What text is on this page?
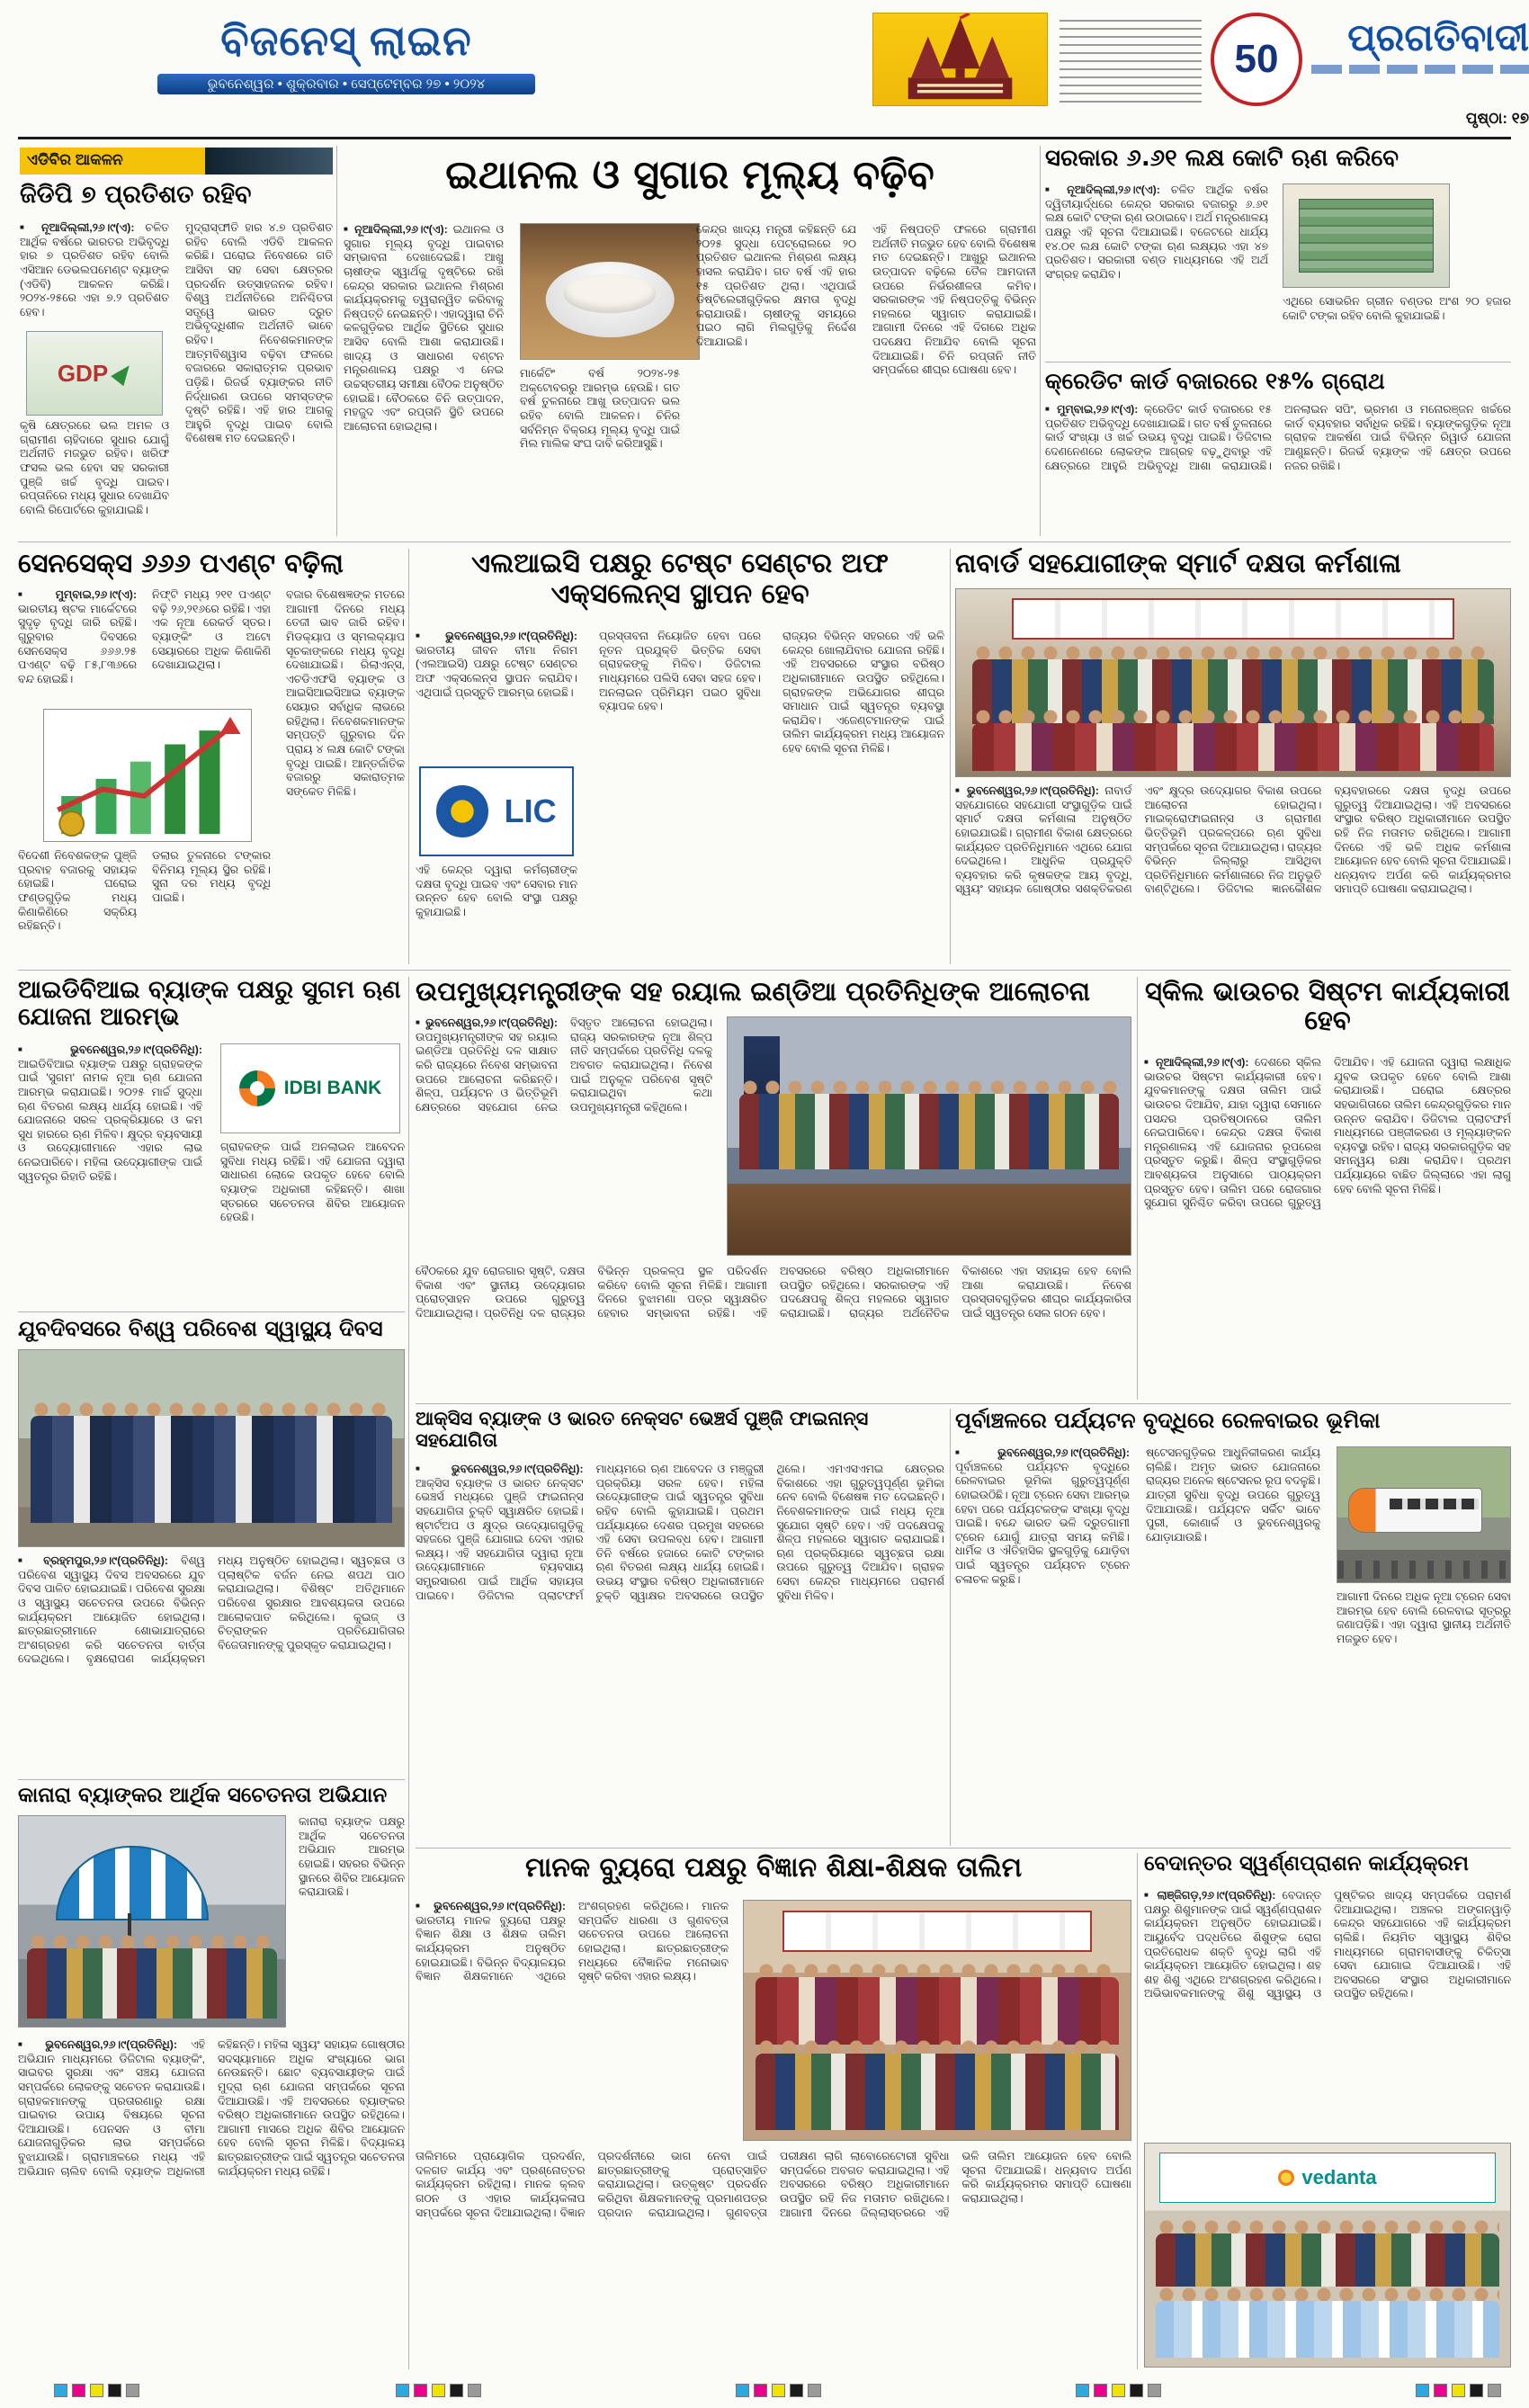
ବିଜନେସ୍ ଲାଇନ
ଭୁବନେଶ୍ୱର • ଶୁକ୍ରବାର • ସେପ୍ଟେମ୍ବର ୨୭ • ୨୦୨୪
50	ପ୍ରଗତିବାଦୀ
ପୃଷ୍ଠା: ୧୭
ଏଡିବିର ଆକଳନ
ଜିଡିପି ୭ ପ୍ରତିଶତ ରହିବ
■ ନୂଆଦିଲ୍ଲୀ,୨୬।୯(ଏ): ଚଳିତ ଆର୍ଥିକ ବର୍ଷରେ ଭାରତର ଅଭିବୃଦ୍ଧି ହାର ୭ ପ୍ରତିଶତ ରହିବ ବୋଲି ଏସିଆନ ଡେଭଲପମେଣ୍ଟ ବ୍ୟାଙ୍କ (ଏଡିବି) ଆକଳନ କରିଛି। ୨୦୨୪-୨୫ରେ ଏହା ୭.୨ ପ୍ରତିଶତ ହେବ।
GDP
କୃଷି କ୍ଷେତ୍ରରେ ଭଲ ଅମଳ ଓ ଗ୍ରାମୀଣ ଚାହିଦାରେ ସୁଧାର ଯୋଗୁଁ ଅର୍ଥନୀତି ମଜଭୁତ ରହିବ। ଖରିଫ ଫସଲ ଭଲ ହେବା ସହ ସରକାରୀ ପୁଞ୍ଜି ଖର୍ଚ୍ଚ ବୃଦ୍ଧି ପାଇବ। ରପ୍ତାନିରେ ମଧ୍ୟ ସୁଧାର ଦେଖାଯିବ ବୋଲି ରିପୋର୍ଟରେ କୁହାଯାଇଛି।
ମୁଦ୍ରାସ୍ଫୀତି ହାର ୪.୭ ପ୍ରତିଶତ ରହିବ ବୋଲି ଏଡିବି ଆକଳନ କରିଛି। ଘରୋଇ ନିବେଶରେ ଗତି ଆସିବା ସହ ସେବା କ୍ଷେତ୍ରର ପ୍ରଦର୍ଶନ ଉତ୍ସାହଜନକ ରହିବ। ବିଶ୍ୱ ଅର୍ଥନୀତିରେ ଅନିଶ୍ଚିତତା ସତ୍ତ୍ୱେ ଭାରତ ଦ୍ରୁତ ଅଭିବୃଦ୍ଧିଶୀଳ ଅର୍ଥନୀତି ଭାବେ ରହିବ। ନିବେଶକମାନଙ୍କ ଆତ୍ମବିଶ୍ୱାସ ବଢ଼ିବା ଫଳରେ ବଜାରରେ ସକାରାତ୍ମକ ପ୍ରଭାବ ପଡ଼ିଛି। ରିଜର୍ଭ ବ୍ୟାଙ୍କର ନୀତି ନିର୍ଦ୍ଧାରଣ ଉପରେ ସମସ୍ତଙ୍କ ଦୃଷ୍ଟି ରହିଛି। ଏହି ହାର ଆଗକୁ ଆହୁରି ବୃଦ୍ଧି ପାଇବ ବୋଲି ବିଶେଷଜ୍ଞ ମତ ଦେଇଛନ୍ତି।
ଇଥାନଲ ଓ ସୁଗାର ମୂଲ୍ୟ ବଢ଼ିବ
■ ନୂଆଦିଲ୍ଲୀ,୨୬।୯(ଏ): ଇଥାନଲ ଓ ସୁଗାର ମୂଲ୍ୟ ବୃଦ୍ଧି ପାଇବାର ସମ୍ଭାବନା ଦେଖାଦେଇଛି। ଆଖୁ ଚାଷୀଙ୍କ ସ୍ୱାର୍ଥକୁ ଦୃଷ୍ଟିରେ ରଖି କେନ୍ଦ୍ର ସରକାର ଇଥାନଲ ମିଶ୍ରଣ କାର୍ଯ୍ୟକ୍ରମକୁ ତ୍ୱରାନ୍ୱିତ କରିବାକୁ ନିଷ୍ପତ୍ତି ନେଇଛନ୍ତି। ଏହାଦ୍ୱାରା ଚିନି କଳଗୁଡ଼ିକର ଆର୍ଥିକ ସ୍ଥିତିରେ ସୁଧାର ଆସିବ ବୋଲି ଆଶା କରାଯାଉଛି। ଖାଦ୍ୟ ଓ ସାଧାରଣ ବଣ୍ଟନ ମନ୍ତ୍ରଣାଳୟ ପକ୍ଷରୁ ଏ ନେଇ ଉଚ୍ଚସ୍ତରୀୟ ସମୀକ୍ଷା ବୈଠକ ଅନୁଷ୍ଠିତ ହୋଇଛି। ବୈଠକରେ ଚିନି ଉତ୍ପାଦନ, ମହଜୁଦ ଏବଂ ରପ୍ତାନି ସ୍ଥିତି ଉପରେ ଆଲୋଚନା ହୋଇଥିଲା।
ମାର୍କେଟିଂ ବର୍ଷ ୨୦୨୪-୨୫ ଅକ୍ଟୋବରରୁ ଆରମ୍ଭ ହେଉଛି। ଗତ ବର୍ଷ ତୁଳନାରେ ଆଖୁ ଉତ୍ପାଦନ ଭଲ ରହିବ ବୋଲି ଆକଳନ। ଚିନିର ସର୍ବନିମ୍ନ ବିକ୍ରୟ ମୂଲ୍ୟ ବୃଦ୍ଧି ପାଇଁ ମିଲ ମାଲିକ ସଂଘ ଦାବି କରିଆସୁଛି।
କେନ୍ଦ୍ର ଖାଦ୍ୟ ମନ୍ତ୍ରୀ କହିଛନ୍ତି ଯେ ୨୦୨୫ ସୁଦ୍ଧା ପେଟ୍ରୋଲରେ ୨୦ ପ୍ରତିଶତ ଇଥାନଲ ମିଶ୍ରଣ ଲକ୍ଷ୍ୟ ହାସଲ କରାଯିବ। ଗତ ବର୍ଷ ଏହି ହାର ୧୫ ପ୍ରତିଶତ ଥିଲା। ଏଥିପାଇଁ ଡିଷ୍ଟିଲେରୀଗୁଡ଼ିକର କ୍ଷମତା ବୃଦ୍ଧି କରାଯାଉଛି। ଚାଷୀଙ୍କୁ ସମୟରେ ପଇଠ ଲାଗି ମିଲଗୁଡ଼ିକୁ ନିର୍ଦ୍ଦେଶ ଦିଆଯାଇଛି।
ଏହି ନିଷ୍ପତ୍ତି ଫଳରେ ଗ୍ରାମୀଣ ଅର୍ଥନୀତି ମଜଭୁତ ହେବ ବୋଲି ବିଶେଷଜ୍ଞ ମତ ଦେଇଛନ୍ତି। ଆଖୁରୁ ଇଥାନଲ ଉତ୍ପାଦନ ବଢ଼ିଲେ ତୈଳ ଆମଦାନୀ ଉପରେ ନିର୍ଭରଶୀଳତା କମିବ। ସରକାରଙ୍କ ଏହି ନିଷ୍ପତ୍ତିକୁ ବିଭିନ୍ନ ମହଲରେ ସ୍ୱାଗତ କରାଯାଇଛି। ଆଗାମୀ ଦିନରେ ଏହି ଦିଗରେ ଅଧିକ ପଦକ୍ଷେପ ନିଆଯିବ ବୋଲି ସୂଚନା ଦିଆଯାଇଛି। ଚିନି ରପ୍ତାନି ନୀତି ସମ୍ପର୍କରେ ଶୀଘ୍ର ଘୋଷଣା ହେବ।
ସରକାର ୬.୬୧ ଲକ୍ଷ କୋଟି ଋଣ କରିବେ
■ ନୂଆଦିଲ୍ଲୀ,୨୬।୯(ଏ): ଚଳିତ ଆର୍ଥିକ ବର୍ଷର ଦ୍ୱିତୀୟାର୍ଦ୍ଧରେ କେନ୍ଦ୍ର ସରକାର ବଜାରରୁ ୬.୬୧ ଲକ୍ଷ କୋଟି ଟଙ୍କା ଋଣ ଉଠାଇବେ। ଅର୍ଥ ମନ୍ତ୍ରଣାଳୟ ପକ୍ଷରୁ ଏହି ସୂଚନା ଦିଆଯାଇଛି। ବଜେଟରେ ଧାର୍ଯ୍ୟ ୧୪.୦୧ ଲକ୍ଷ କୋଟି ଟଙ୍କା ଋଣ ଲକ୍ଷ୍ୟର ଏହା ୪୭ ପ୍ରତିଶତ। ସରକାରୀ ବଣ୍ଡ ମାଧ୍ୟମରେ ଏହି ଅର୍ଥ ସଂଗ୍ରହ କରାଯିବ।
ଏଥିରେ ସୋଭରିନ ଗ୍ରୀନ ବଣ୍ଡର ଅଂଶ ୨୦ ହଜାର କୋଟି ଟଙ୍କା ରହିବ ବୋଲି କୁହାଯାଇଛି।
କ୍ରେଡିଟ କାର୍ଡ ବଜାରରେ ୧୫% ଗ୍ରୋଥ
■ ମୁମ୍ବାଇ,୨୬।୯(ଏ): କ୍ରେଡିଟ କାର୍ଡ ବଜାରରେ ୧୫ ପ୍ରତିଶତ ଅଭିବୃଦ୍ଧି ଦେଖାଯାଇଛି। ଗତ ବର୍ଷ ତୁଳନାରେ କାର୍ଡ ସଂଖ୍ୟା ଓ ଖର୍ଚ୍ଚ ଉଭୟ ବୃଦ୍ଧି ପାଇଛି। ଡିଜିଟାଲ ଦେଣନେଣରେ ଲୋକଙ୍କ ଆଗ୍ରହ ବଢ଼ୁଥିବାରୁ ଏହି କ୍ଷେତ୍ରରେ ଆହୁରି ଅଭିବୃଦ୍ଧି ଆଶା କରାଯାଉଛି। ଅନଲାଇନ ସପିଂ, ଭ୍ରମଣ ଓ ମନୋରଞ୍ଜନ ଖର୍ଚ୍ଚରେ କାର୍ଡ ବ୍ୟବହାର ସର୍ବାଧିକ ରହିଛି। ବ୍ୟାଙ୍କଗୁଡ଼ିକ ନୂଆ ଗ୍ରାହକ ଆକର୍ଷଣ ପାଇଁ ବିଭିନ୍ନ ରିୱାର୍ଡ ଯୋଜନା ଆଣୁଛନ୍ତି। ରିଜର୍ଭ ବ୍ୟାଙ୍କ ଏହି କ୍ଷେତ୍ର ଉପରେ ନଜର ରଖିଛି।
ସେନସେକ୍ସ ୬୬୬ ପଏଣ୍ଟ ବଢ଼ିଲା
■ ମୁମ୍ବାଇ,୨୬।୯(ଏ): ଭାରତୀୟ ଷ୍ଟକ ମାର୍କେଟରେ ସୁଦୃଢ଼ ବୃଦ୍ଧି ଜାରି ରହିଛି। ଗୁରୁବାର ଦିବସରେ ସେନସେକ୍ସ ୬୬୬.୨୫ ପଏଣ୍ଟ ବଢ଼ି ୮୫,୮୩୬ରେ ବନ୍ଦ ହୋଇଛି।
ନିଫ୍ଟି ମଧ୍ୟ ୨୧୧ ପଏଣ୍ଟ ବଢ଼ି ୨୬,୨୧୬ରେ ରହିଛି। ଏହା ଏକ ନୂଆ ରେକର୍ଡ ସ୍ତର। ବ୍ୟାଙ୍କିଂ ଓ ଅଟୋ ସେୟାରରେ ଅଧିକ କିଣାକିଣି ଦେଖାଯାଇଥିଲା।
ବିଦେଶୀ ନିବେଶକଙ୍କ ପୁଞ୍ଜି ପ୍ରବାହ ବଜାରକୁ ସହାୟକ ହୋଇଛି। ଘରୋଇ ଫଣ୍ଡଗୁଡ଼ିକ ମଧ୍ୟ କିଣାକିଣିରେ ସକ୍ରିୟ ରହିଛନ୍ତି।
ଡଲାର ତୁଳନାରେ ଟଙ୍କାର ବିନିମୟ ମୂଲ୍ୟ ସ୍ଥିର ରହିଛି। ସୁନା ଦର ମଧ୍ୟ ବୃଦ୍ଧି ପାଇଛି।
ବଜାର ବିଶେଷଜ୍ଞଙ୍କ ମତରେ ଆଗାମୀ ଦିନରେ ମଧ୍ୟ ତେଜୀ ଭାବ ଜାରି ରହିବ। ମିଡକ୍ୟାପ ଓ ସ୍ମଲକ୍ୟାପ ସୂଚକାଙ୍କରେ ମଧ୍ୟ ବୃଦ୍ଧି ଦେଖାଯାଇଛି। ରିଲାଏନ୍ସ, ଏଚଡିଏଫସି ବ୍ୟାଙ୍କ ଓ ଆଇସିଆଇସିଆଇ ବ୍ୟାଙ୍କ ସେୟାର ସର୍ବାଧିକ ଲାଭରେ ରହିଥିଲା। ନିବେଶକମାନଙ୍କ ସମ୍ପତ୍ତି ଗୁରୁବାର ଦିନ ପ୍ରାୟ ୪ ଲକ୍ଷ କୋଟି ଟଙ୍କା ବୃଦ୍ଧି ପାଇଛି। ଆନ୍ତର୍ଜାତିକ ବଜାରରୁ ସକାରାତ୍ମକ ସଙ୍କେତ ମିଳିଛି।
ଏଲଆଇସି ପକ୍ଷରୁ ଟେଷ୍ଟ ସେଣ୍ଟର ଅଫ ଏକ୍ସଲେନ୍ସ ସ୍ଥାପନ ହେବ
■ ଭୁବନେଶ୍ୱର,୨୬।୯(ପ୍ରତିନିଧି): ଭାରତୀୟ ଜୀବନ ବୀମା ନିଗମ (ଏଲଆଇସି) ପକ୍ଷରୁ ଟେଷ୍ଟ ସେଣ୍ଟର ଅଫ ଏକ୍ସଲେନ୍ସ ସ୍ଥାପନ କରାଯିବ। ଏଥିପାଇଁ ପ୍ରସ୍ତୁତି ଆରମ୍ଭ ହୋଇଛି।
LIC
ଏହି କେନ୍ଦ୍ର ଦ୍ୱାରା କର୍ମଚାରୀଙ୍କ ଦକ୍ଷତା ବୃଦ୍ଧି ପାଇବ ଏବଂ ସେବାର ମାନ ଉନ୍ନତ ହେବ ବୋଲି ସଂସ୍ଥା ପକ୍ଷରୁ କୁହାଯାଇଛି।
ପ୍ରସ୍ତାବନା ନିୟୋଜିତ ହେବା ପରେ ନୂତନ ପ୍ରଯୁକ୍ତି ଭିତ୍ତିକ ସେବା ଗ୍ରାହକଙ୍କୁ ମିଳିବ। ଡିଜିଟାଲ ମାଧ୍ୟମରେ ପଲିସି ସେବା ସହଜ ହେବ। ଅନଲାଇନ ପ୍ରିମିୟମ ପଇଠ ସୁବିଧା ବ୍ୟାପକ ହେବ।
ରାଜ୍ୟର ବିଭିନ୍ନ ସହରରେ ଏହି ଭଳି କେନ୍ଦ୍ର ଖୋଲାଯିବାର ଯୋଜନା ରହିଛି। ଏହି ଅବସରରେ ସଂସ୍ଥାର ବରିଷ୍ଠ ଅଧିକାରୀମାନେ ଉପସ୍ଥିତ ରହିଥିଲେ। ଗ୍ରାହକଙ୍କ ଅଭିଯୋଗର ଶୀଘ୍ର ସମାଧାନ ପାଇଁ ସ୍ୱତନ୍ତ୍ର ବ୍ୟବସ୍ଥା କରାଯିବ। ଏଜେଣ୍ଟମାନଙ୍କ ପାଇଁ ତାଲିମ କାର୍ଯ୍ୟକ୍ରମ ମଧ୍ୟ ଆୟୋଜନ ହେବ ବୋଲି ସୂଚନା ମିଳିଛି।
ନାବାର୍ଡ ସହଯୋଗୀଙ୍କ ସ୍ମାର୍ଟ ଦକ୍ଷତା କର୍ମଶାଳା
■ ଭୁବନେଶ୍ୱର,୨୬।୯(ପ୍ରତିନିଧି): ନାବାର୍ଡ ସହଯୋଗରେ ସହଯୋଗୀ ସଂସ୍ଥାଗୁଡ଼ିକ ପାଇଁ ସ୍ମାର୍ଟ ଦକ୍ଷତା କର୍ମଶାଳା ଅନୁଷ୍ଠିତ ହୋଇଯାଇଛି। ଗ୍ରାମୀଣ ବିକାଶ କ୍ଷେତ୍ରରେ କାର୍ଯ୍ୟରତ ପ୍ରତିନିଧିମାନେ ଏଥିରେ ଯୋଗ ଦେଇଥିଲେ। ଆଧୁନିକ ପ୍ରଯୁକ୍ତି ବ୍ୟବହାର କରି କୃଷକଙ୍କ ଆୟ ବୃଦ୍ଧି, ସ୍ୱୟଂ ସହାୟକ ଗୋଷ୍ଠୀର ସଶକ୍ତିକରଣ ଏବଂ କ୍ଷୁଦ୍ର ଉଦ୍ୟୋଗର ବିକାଶ ଉପରେ ଆଲୋଚନା ହୋଇଥିଲା। ମାଇକ୍ରୋଫାଇନାନ୍ସ ଓ ଗ୍ରାମୀଣ ଭିତ୍ତିଭୂମି ପ୍ରକଳ୍ପରେ ଋଣ ସୁବିଧା ସମ୍ପର୍କରେ ସୂଚନା ଦିଆଯାଇଥିଲା। ରାଜ୍ୟର ବିଭିନ୍ନ ଜିଲ୍ଲାରୁ ଆସିଥିବା ପ୍ରତିନିଧିମାନେ କର୍ମଶାଳାରେ ନିଜ ଅନୁଭୂତି ବାଣ୍ଟିଥିଲେ। ଡିଜିଟାଲ ଜ୍ଞାନକୌଶଳ ବ୍ୟବହାରରେ ଦକ୍ଷତା ବୃଦ୍ଧି ଉପରେ ଗୁରୁତ୍ୱ ଦିଆଯାଇଥିଲା। ଏହି ଅବସରରେ ସଂସ୍ଥାର ବରିଷ୍ଠ ଅଧିକାରୀମାନେ ଉପସ୍ଥିତ ରହି ନିଜ ମତାମତ ରଖିଥିଲେ। ଆଗାମୀ ଦିନରେ ଏହି ଭଳି ଅଧିକ କର୍ମଶାଳା ଆୟୋଜନ ହେବ ବୋଲି ସୂଚନା ଦିଆଯାଇଛି। ଧନ୍ୟବାଦ ଅର୍ପଣ କରି କାର୍ଯ୍ୟକ୍ରମର ସମାପ୍ତି ଘୋଷଣା କରାଯାଇଥିଲା।
ଆଇଡିବିଆଇ ବ୍ୟାଙ୍କ ପକ୍ଷରୁ ସୁଗମ ଋଣ ଯୋଜନା ଆରମ୍ଭ
■ ଭୁବନେଶ୍ୱର,୨୬।୯(ପ୍ରତିନିଧି): ଆଇଡିବିଆଇ ବ୍ୟାଙ୍କ ପକ୍ଷରୁ ଗ୍ରାହକଙ୍କ ପାଇଁ 'ସୁଗମ' ନାମକ ନୂଆ ଋଣ ଯୋଜନା ଆରମ୍ଭ କରାଯାଇଛି। ୨୦୨୫ ମାର୍ଚ୍ଚ ସୁଦ୍ଧା ଋଣ ବିତରଣ ଲକ୍ଷ୍ୟ ଧାର୍ଯ୍ୟ ହୋଇଛି। ଏହି ଯୋଜନାରେ ସରଳ ପ୍ରକ୍ରିୟାରେ ଓ କମ ସୁଧ ହାରରେ ଋଣ ମିଳିବ। କ୍ଷୁଦ୍ର ବ୍ୟବସାୟୀ ଓ ଉଦ୍ୟୋଗୀମାନେ ଏହାର ଲାଭ ନେଇପାରିବେ। ମହିଳା ଉଦ୍ୟୋଗୀଙ୍କ ପାଇଁ ସ୍ୱତନ୍ତ୍ର ରିହାତି ରହିଛି।
IDBI BANK
ଗ୍ରାହକଙ୍କ ପାଇଁ ଅନଲାଇନ ଆବେଦନ ସୁବିଧା ମଧ୍ୟ ରହିଛି। ଏହି ଯୋଜନା ଦ୍ୱାରା ସାଧାରଣ ଲୋକେ ଉପକୃତ ହେବେ ବୋଲି ବ୍ୟାଙ୍କ ଅଧିକାରୀ କହିଛନ୍ତି। ଶାଖା ସ୍ତରରେ ସଚେତନତା ଶିବିର ଆୟୋଜନ ହେଉଛି।
ଯୁବଦିବସରେ ବିଶ୍ୱ ପରିବେଶ ସ୍ୱାସ୍ଥ୍ୟ ଦିବସ
■ ବ୍ରହ୍ମପୁର,୨୬।୯(ପ୍ରତିନିଧି): ବିଶ୍ୱ ପରିବେଶ ସ୍ୱାସ୍ଥ୍ୟ ଦିବସ ଅବସରରେ ଯୁବ ଦିବସ ପାଳିତ ହୋଇଯାଇଛି। ପରିବେଶ ସୁରକ୍ଷା ଓ ସ୍ୱାସ୍ଥ୍ୟ ସଚେତନତା ଉପରେ ବିଭିନ୍ନ କାର୍ଯ୍ୟକ୍ରମ ଆୟୋଜିତ ହୋଇଥିଲା। ଛାତ୍ରଛାତ୍ରୀମାନେ ଶୋଭାଯାତ୍ରାରେ ଅଂଶଗ୍ରହଣ କରି ସଚେତନତା ବାର୍ତ୍ତା ଦେଇଥିଲେ। ବୃକ୍ଷରୋପଣ କାର୍ଯ୍ୟକ୍ରମ ମଧ୍ୟ ଅନୁଷ୍ଠିତ ହୋଇଥିଲା। ସ୍ୱଚ୍ଛତା ଓ ପ୍ଲାଷ୍ଟିକ ବର୍ଜନ ନେଇ ଶପଥ ପାଠ କରାଯାଇଥିଲା। ବିଶିଷ୍ଟ ଅତିଥିମାନେ ପରିବେଶ ସୁରକ୍ଷାର ଆବଶ୍ୟକତା ଉପରେ ଆଲୋକପାତ କରିଥିଲେ। କୁଇଜ୍ ଓ ଚିତ୍ରାଙ୍କନ ପ୍ରତିଯୋଗିତାର ବିଜେତାମାନଙ୍କୁ ପୁରସ୍କୃତ କରାଯାଇଥିଲା।
କାନାରା ବ୍ୟାଙ୍କର ଆର୍ଥିକ ସଚେତନତା ଅଭିଯାନ
କାନାରା ବ୍ୟାଙ୍କ ପକ୍ଷରୁ ଆର୍ଥିକ ସଚେତନତା ଅଭିଯାନ ଆରମ୍ଭ ହୋଇଛି। ସହରର ବିଭିନ୍ନ ସ୍ଥାନରେ ଶିବିର ଆୟୋଜନ କରାଯାଉଛି।
■ ଭୁବନେଶ୍ୱର,୨୬।୯(ପ୍ରତିନିଧି): ଏହି ଅଭିଯାନ ମାଧ୍ୟମରେ ଡିଜିଟାଲ ବ୍ୟାଙ୍କିଂ, ସାଇବର ସୁରକ୍ଷା ଏବଂ ସଞ୍ଚୟ ଯୋଜନା ସମ୍ପର୍କରେ ଲୋକଙ୍କୁ ସଚେତନ କରାଯାଉଛି। ଗ୍ରାହକମାନଙ୍କୁ ପ୍ରତାରଣାରୁ ରକ୍ଷା ପାଇବାର ଉପାୟ ବିଷୟରେ ସୂଚନା ଦିଆଯାଉଛି। ପେନସନ ଓ ବୀମା ଯୋଜନାଗୁଡ଼ିକର ଲାଭ ସମ୍ପର୍କରେ ବୁଝାଯାଉଛି। ଗ୍ରାମାଞ୍ଚଳରେ ମଧ୍ୟ ଏହି ଅଭିଯାନ ଚାଲିବ ବୋଲି ବ୍ୟାଙ୍କ ଅଧିକାରୀ କହିଛନ୍ତି। ମହିଳା ସ୍ୱୟଂ ସହାୟକ ଗୋଷ୍ଠୀର ସଦସ୍ୟାମାନେ ଅଧିକ ସଂଖ୍ୟାରେ ଭାଗ ନେଉଛନ୍ତି। ଛୋଟ ବ୍ୟବସାୟୀଙ୍କ ପାଇଁ ମୁଦ୍ରା ଋଣ ଯୋଜନା ସମ୍ପର୍କରେ ସୂଚନା ଦିଆଯାଉଛି। ଏହି ଅବସରରେ ବ୍ୟାଙ୍କର ବରିଷ୍ଠ ଅଧିକାରୀମାନେ ଉପସ୍ଥିତ ରହିଥିଲେ। ଆଗାମୀ ମାସରେ ଅଧିକ ଶିବିର ଆୟୋଜନ ହେବ ବୋଲି ସୂଚନା ମିଳିଛି। ବିଦ୍ୟାଳୟ ଛାତ୍ରଛାତ୍ରୀଙ୍କ ପାଇଁ ସ୍ୱତନ୍ତ୍ର ସଚେତନତା କାର୍ଯ୍ୟକ୍ରମ ମଧ୍ୟ ରହିଛି।
ଉପମୁଖ୍ୟମନ୍ତ୍ରୀଙ୍କ ସହ ରୟାଲ ଇଣ୍ଡିଆ ପ୍ରତିନିଧିଙ୍କ ଆଲୋଚନା
■ ଭୁବନେଶ୍ୱର,୨୬।୯(ପ୍ରତିନିଧି): ଉପମୁଖ୍ୟମନ୍ତ୍ରୀଙ୍କ ସହ ରୟାଲ ଇଣ୍ଡିଆ ପ୍ରତିନିଧି ଦଳ ସାକ୍ଷାତ କରି ରାଜ୍ୟରେ ନିବେଶ ସମ୍ଭାବନା ଉପରେ ଆଲୋଚନା କରିଛନ୍ତି। ଶିଳ୍ପ, ପର୍ଯ୍ୟଟନ ଓ ଭିତ୍ତିଭୂମି କ୍ଷେତ୍ରରେ ସହଯୋଗ ନେଇ ବିସ୍ତୃତ ଆଲୋଚନା ହୋଇଥିଲା। ରାଜ୍ୟ ସରକାରଙ୍କ ନୂଆ ଶିଳ୍ପ ନୀତି ସମ୍ପର୍କରେ ପ୍ରତିନିଧି ଦଳକୁ ଅବଗତ କରାଯାଇଥିଲା। ନିବେଶ ପାଇଁ ଅନୁକୂଳ ପରିବେଶ ସୃଷ୍ଟି କରାଯାଇଥିବା କଥା ଉପମୁଖ୍ୟମନ୍ତ୍ରୀ କହିଥିଲେ।
ବୈଠକରେ ଯୁବ ରୋଜଗାର ସୃଷ୍ଟି, ଦକ୍ଷତା ବିକାଶ ଏବଂ ସ୍ଥାନୀୟ ଉଦ୍ୟୋଗର ପ୍ରୋତ୍ସାହନ ଉପରେ ଗୁରୁତ୍ୱ ଦିଆଯାଇଥିଲା। ପ୍ରତିନିଧି ଦଳ ରାଜ୍ୟର ବିଭିନ୍ନ ପ୍ରକଳ୍ପ ସ୍ଥଳ ପରିଦର୍ଶନ କରିବେ ବୋଲି ସୂଚନା ମିଳିଛି। ଆଗାମୀ ଦିନରେ ବୁଝାମଣା ପତ୍ର ସ୍ୱାକ୍ଷରିତ ହେବାର ସମ୍ଭାବନା ରହିଛି। ଏହି ଅବସରରେ ବରିଷ୍ଠ ଅଧିକାରୀମାନେ ଉପସ୍ଥିତ ରହିଥିଲେ। ସରକାରଙ୍କ ଏହି ପଦକ୍ଷେପକୁ ଶିଳ୍ପ ମହଲରେ ସ୍ୱାଗତ କରାଯାଇଛି। ରାଜ୍ୟର ଅର୍ଥନୈତିକ ବିକାଶରେ ଏହା ସହାୟକ ହେବ ବୋଲି ଆଶା କରାଯାଉଛି। ନିବେଶ ପ୍ରସ୍ତାବଗୁଡ଼ିକର ଶୀଘ୍ର କାର୍ଯ୍ୟକାରିତା ପାଇଁ ସ୍ୱତନ୍ତ୍ର ସେଲ ଗଠନ ହେବ।
ସ୍କିଲ ଭାଉଚର ସିଷ୍ଟମ କାର୍ଯ୍ୟକାରୀ ହେବ
■ ନୂଆଦିଲ୍ଲୀ,୨୬।୯(ଏ): ଦେଶରେ ସ୍କିଲ ଭାଉଚର ସିଷ୍ଟମ କାର୍ଯ୍ୟକାରୀ ହେବ। ଯୁବକମାନଙ୍କୁ ଦକ୍ଷତା ତାଲିମ ପାଇଁ ଭାଉଚର ଦିଆଯିବ, ଯାହା ଦ୍ୱାରା ସେମାନେ ପସନ୍ଦର ପ୍ରତିଷ୍ଠାନରେ ତାଲିମ ନେଇପାରିବେ। କେନ୍ଦ୍ର ଦକ୍ଷତା ବିକାଶ ମନ୍ତ୍ରଣାଳୟ ଏହି ଯୋଜନାର ରୂପରେଖ ପ୍ରସ୍ତୁତ କରୁଛି। ଶିଳ୍ପ ସଂସ୍ଥାଗୁଡ଼ିକର ଆବଶ୍ୟକତା ଅନୁସାରେ ପାଠ୍ୟକ୍ରମ ପ୍ରସ୍ତୁତ ହେବ। ତାଲିମ ପରେ ରୋଜଗାର ସୁଯୋଗ ସୁନିଶ୍ଚିତ କରିବା ଉପରେ ଗୁରୁତ୍ୱ ଦିଆଯିବ। ଏହି ଯୋଜନା ଦ୍ୱାରା ଲକ୍ଷାଧିକ ଯୁବକ ଉପକୃତ ହେବେ ବୋଲି ଆଶା କରାଯାଉଛି। ଘରୋଇ କ୍ଷେତ୍ରର ସହଭାଗିତାରେ ତାଲିମ କେନ୍ଦ୍ରଗୁଡ଼ିକର ମାନ ଉନ୍ନତ କରାଯିବ। ଡିଜିଟାଲ ପ୍ଲାଟଫର୍ମ ମାଧ୍ୟମରେ ପଞ୍ଜୀକରଣ ଓ ମୂଲ୍ୟାଙ୍କନ ବ୍ୟବସ୍ଥା ରହିବ। ରାଜ୍ୟ ସରକାରଗୁଡ଼ିକ ସହ ସମନ୍ୱୟ ରକ୍ଷା କରାଯିବ। ପ୍ରଥମ ପର୍ଯ୍ୟାୟରେ ବାଛିତ ଜିଲ୍ଲାରେ ଏହା ଲାଗୁ ହେବ ବୋଲି ସୂଚନା ମିଳିଛି।
ଆକ୍ସିସ ବ୍ୟାଙ୍କ ଓ ଭାରତ ନେକ୍ସଟ ଭେଞ୍ଚର୍ସ ପୁଞ୍ଜି ଫାଇନାନ୍ସ ସହଯୋଗିତା
■ ଭୁବନେଶ୍ୱର,୨୬।୯(ପ୍ରତିନିଧି): ଆକ୍ସିସ ବ୍ୟାଙ୍କ ଓ ଭାରତ ନେକ୍ସଟ ଭେଞ୍ଚର୍ସ ମଧ୍ୟରେ ପୁଞ୍ଜି ଫାଇନାନ୍ସ ସହଯୋଗିତା ଚୁକ୍ତି ସ୍ୱାକ୍ଷରିତ ହୋଇଛି। ଷ୍ଟାର୍ଟଅପ ଓ କ୍ଷୁଦ୍ର ଉଦ୍ୟୋଗଗୁଡ଼ିକୁ ସହଜରେ ପୁଞ୍ଜି ଯୋଗାଇ ଦେବା ଏହାର ଲକ୍ଷ୍ୟ। ଏହି ସହଯୋଗିତା ଦ୍ୱାରା ନୂଆ ଉଦ୍ୟୋଗୀମାନେ ବ୍ୟବସାୟ ସମ୍ପ୍ରସାରଣ ପାଇଁ ଆର୍ଥିକ ସହାୟତା ପାଇବେ। ଡିଜିଟାଲ ପ୍ଲାଟଫର୍ମ ମାଧ୍ୟମରେ ଋଣ ଆବେଦନ ଓ ମଞ୍ଜୁରୀ ପ୍ରକ୍ରିୟା ସରଳ ହେବ। ମହିଳା ଉଦ୍ୟୋଗୀଙ୍କ ପାଇଁ ସ୍ୱତନ୍ତ୍ର ସୁବିଧା ରହିବ ବୋଲି କୁହାଯାଇଛି। ପ୍ରଥମ ପର୍ଯ୍ୟାୟରେ ଦେଶର ପ୍ରମୁଖ ସହରରେ ଏହି ସେବା ଉପଲବ୍ଧ ହେବ। ଆଗାମୀ ତିନି ବର୍ଷରେ ହଜାରେ କୋଟି ଟଙ୍କାର ଋଣ ବିତରଣ ଲକ୍ଷ୍ୟ ଧାର୍ଯ୍ୟ ହୋଇଛି। ଉଭୟ ସଂସ୍ଥାର ବରିଷ୍ଠ ଅଧିକାରୀମାନେ ଚୁକ୍ତି ସ୍ୱାକ୍ଷର ଅବସରରେ ଉପସ୍ଥିତ ଥିଲେ। ଏମଏସଏମଇ କ୍ଷେତ୍ରର ବିକାଶରେ ଏହା ଗୁରୁତ୍ୱପୂର୍ଣ୍ଣ ଭୂମିକା ନେବ ବୋଲି ବିଶେଷଜ୍ଞ ମତ ଦେଇଛନ୍ତି। ନିବେଶକମାନଙ୍କ ପାଇଁ ମଧ୍ୟ ନୂଆ ସୁଯୋଗ ସୃଷ୍ଟି ହେବ। ଏହି ପଦକ୍ଷେପକୁ ଶିଳ୍ପ ମହଲରେ ସ୍ୱାଗତ କରାଯାଇଛି। ଋଣ ପ୍ରକ୍ରିୟାରେ ସ୍ୱଚ୍ଛତା ରକ୍ଷା ଉପରେ ଗୁରୁତ୍ୱ ଦିଆଯିବ। ଗ୍ରାହକ ସେବା କେନ୍ଦ୍ର ମାଧ୍ୟମରେ ପରାମର୍ଶ ସୁବିଧା ମିଳିବ।
ପୂର୍ବାଞ୍ଚଳରେ ପର୍ଯ୍ୟଟନ ବୃଦ୍ଧିରେ ରେଳବାଇର ଭୂମିକା
■ ଭୁବନେଶ୍ୱର,୨୬।୯(ପ୍ରତିନିଧି): ପୂର୍ବାଞ୍ଚଳରେ ପର୍ଯ୍ୟଟନ ବୃଦ୍ଧିରେ ରେଳବାଇର ଭୂମିକା ଗୁରୁତ୍ୱପୂର୍ଣ୍ଣ ହୋଇଉଠିଛି। ନୂଆ ଟ୍ରେନ ସେବା ଆରମ୍ଭ ହେବା ପରେ ପର୍ଯ୍ୟଟକଙ୍କ ସଂଖ୍ୟା ବୃଦ୍ଧି ପାଇଛି। ବନ୍ଦେ ଭାରତ ଭଳି ଦ୍ରୁତଗାମୀ ଟ୍ରେନ ଯୋଗୁଁ ଯାତ୍ରା ସମୟ କମିଛି। ଧାର୍ମିକ ଓ ଐତିହାସିକ ସ୍ଥଳଗୁଡ଼ିକୁ ଯୋଡ଼ିବା ପାଇଁ ସ୍ୱତନ୍ତ୍ର ପର୍ଯ୍ୟଟନ ଟ୍ରେନ ଚଳାଚଳ କରୁଛି।
ଷ୍ଟେସନଗୁଡ଼ିକର ଆଧୁନିକୀକରଣ କାର୍ଯ୍ୟ ଚାଲିଛି। ଅମୃତ ଭାରତ ଯୋଜନାରେ ରାଜ୍ୟର ଅନେକ ଷ୍ଟେସନର ରୂପ ବଦଳୁଛି। ଯାତ୍ରୀ ସୁବିଧା ବୃଦ୍ଧି ଉପରେ ଗୁରୁତ୍ୱ ଦିଆଯାଉଛି। ପର୍ଯ୍ୟଟନ ସର୍କିଟ ଭାବେ ପୁରୀ, କୋଣାର୍କ ଓ ଭୁବନେଶ୍ୱରକୁ ଯୋଡ଼ାଯାଉଛି।
ଆଗାମୀ ଦିନରେ ଅଧିକ ନୂଆ ଟ୍ରେନ ସେବା ଆରମ୍ଭ ହେବ ବୋଲି ରେଳବାଇ ସୂତ୍ରରୁ ଜଣାପଡ଼ିଛି। ଏହା ଦ୍ୱାରା ସ୍ଥାନୀୟ ଅର୍ଥନୀତି ମଜଭୁତ ହେବ।
ମାନକ ବ୍ୟୁରୋ ପକ୍ଷରୁ ବିଜ୍ଞାନ ଶିକ୍ଷା-ଶିକ୍ଷକ ତାଲିମ
■ ଭୁବନେଶ୍ୱର,୨୬।୯(ପ୍ରତିନିଧି): ଭାରତୀୟ ମାନକ ବ୍ୟୁରୋ ପକ୍ଷରୁ ବିଜ୍ଞାନ ଶିକ୍ଷା ଓ ଶିକ୍ଷକ ତାଲିମ କାର୍ଯ୍ୟକ୍ରମ ଅନୁଷ୍ଠିତ ହୋଇଯାଇଛି। ବିଭିନ୍ନ ବିଦ୍ୟାଳୟର ବିଜ୍ଞାନ ଶିକ୍ଷକମାନେ ଏଥିରେ ଅଂଶଗ୍ରହଣ କରିଥିଲେ। ମାନକ ସମ୍ପର୍କିତ ଧାରଣା ଓ ଗୁଣବତ୍ତା ସଚେତନତା ଉପରେ ଆଲୋଚନା ହୋଇଥିଲା। ଛାତ୍ରଛାତ୍ରୀଙ୍କ ମଧ୍ୟରେ ବୈଜ୍ଞାନିକ ମନୋଭାବ ସୃଷ୍ଟି କରିବା ଏହାର ଲକ୍ଷ୍ୟ।
ତାଲିମରେ ପ୍ରାୟୋଗିକ ପ୍ରଦର୍ଶନ, ଦଳଗତ କାର୍ଯ୍ୟ ଏବଂ ପ୍ରଶ୍ନୋତ୍ତର କାର୍ଯ୍ୟକ୍ରମ ରହିଥିଲା। ମାନକ କ୍ଲବ ଗଠନ ଓ ଏହାର କାର୍ଯ୍ୟକଳାପ ସମ୍ପର୍କରେ ସୂଚନା ଦିଆଯାଇଥିଲା। ବିଜ୍ଞାନ ପ୍ରଦର୍ଶନୀରେ ଭାଗ ନେବା ପାଇଁ ଛାତ୍ରଛାତ୍ରୀଙ୍କୁ ପ୍ରୋତ୍ସାହିତ କରାଯାଇଥିଲା। ଉତ୍କୃଷ୍ଟ ପ୍ରଦର୍ଶନ କରିଥିବା ଶିକ୍ଷକମାନଙ୍କୁ ପ୍ରମାଣପତ୍ର ପ୍ରଦାନ କରାଯାଇଥିଲା। ଗୁଣବତ୍ତା ପରୀକ୍ଷଣ ଲାଗି ଲାବୋରେଟୋରୀ ସୁବିଧା ସମ୍ପର୍କରେ ଅବଗତ କରାଯାଇଥିଲା। ଏହି ଅବସରରେ ବରିଷ୍ଠ ଅଧିକାରୀମାନେ ଉପସ୍ଥିତ ରହି ନିଜ ମତାମତ ରଖିଥିଲେ। ଆଗାମୀ ଦିନରେ ଜିଲ୍ଲାସ୍ତରରେ ଏହି ଭଳି ତାଲିମ ଆୟୋଜନ ହେବ ବୋଲି ସୂଚନା ଦିଆଯାଇଛି। ଧନ୍ୟବାଦ ଅର୍ପଣ କରି କାର୍ଯ୍ୟକ୍ରମର ସମାପ୍ତି ଘୋଷଣା କରାଯାଇଥିଲା।
ବେଦାନ୍ତର ସ୍ୱର୍ଣ୍ଣପ୍ରାଶନ କାର୍ଯ୍ୟକ୍ରମ
■ ଲାଞ୍ଜିଗଡ଼,୨୬।୯(ପ୍ରତିନିଧି): ବେଦାନ୍ତ ପକ୍ଷରୁ ଶିଶୁମାନଙ୍କ ପାଇଁ ସ୍ୱର୍ଣ୍ଣପ୍ରାଶନ କାର୍ଯ୍ୟକ୍ରମ ଅନୁଷ୍ଠିତ ହୋଇଯାଇଛି। ଆୟୁର୍ବେଦ ପଦ୍ଧତିରେ ଶିଶୁଙ୍କ ରୋଗ ପ୍ରତିରୋଧକ ଶକ୍ତି ବୃଦ୍ଧି ଲାଗି ଏହି କାର୍ଯ୍ୟକ୍ରମ ଆୟୋଜିତ ହୋଇଥିଲା। ଶହ ଶହ ଶିଶୁ ଏଥିରେ ଅଂଶଗ୍ରହଣ କରିଥିଲେ। ଅଭିଭାବକମାନଙ୍କୁ ଶିଶୁ ସ୍ୱାସ୍ଥ୍ୟ ଓ ପୁଷ୍ଟିକର ଖାଦ୍ୟ ସମ୍ପର୍କରେ ପରାମର୍ଶ ଦିଆଯାଇଥିଲା। ଅଞ୍ଚଳର ଅଙ୍ଗନୱାଡ଼ି କେନ୍ଦ୍ର ସହଯୋଗରେ ଏହି କାର୍ଯ୍ୟକ୍ରମ ଚାଲିଛି। ନିୟମିତ ସ୍ୱାସ୍ଥ୍ୟ ଶିବିର ମାଧ୍ୟମରେ ଗ୍ରାମବାସୀଙ୍କୁ ଚିକିତ୍ସା ସେବା ଯୋଗାଇ ଦିଆଯାଉଛି। ଏହି ଅବସରରେ ସଂସ୍ଥାର ଅଧିକାରୀମାନେ ଉପସ୍ଥିତ ରହିଥିଲେ।
vedanta
